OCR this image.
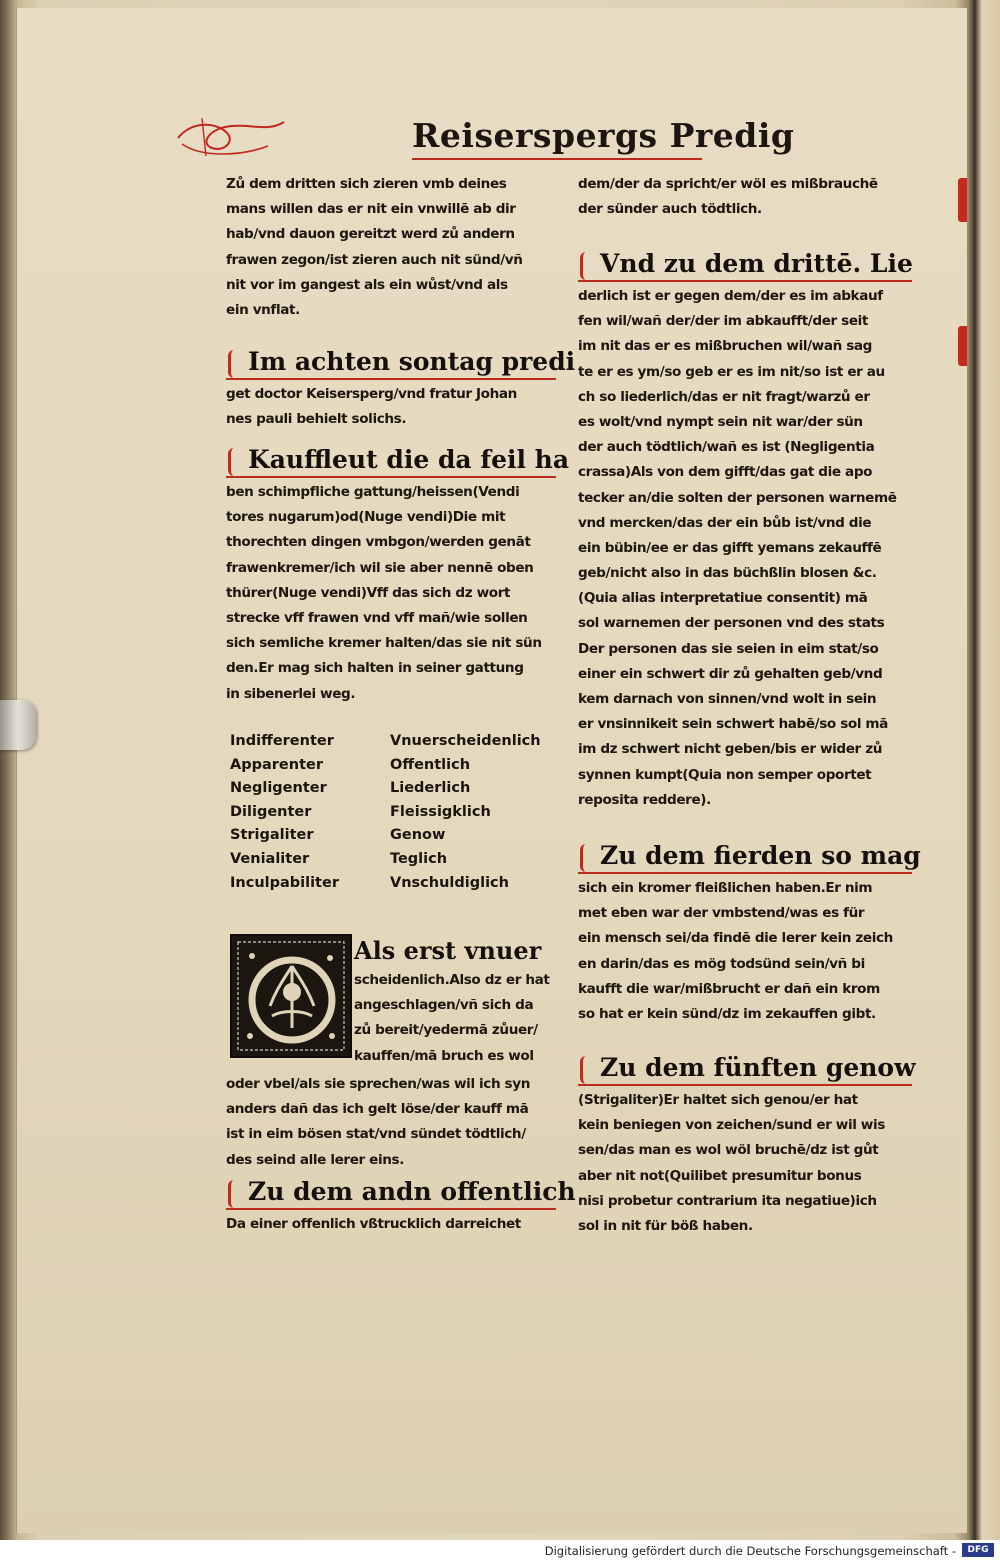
Reiserspergs Predig
Zů dem dritten sich zieren vmb deines
mans willen das er nit ein vnwillē ab dir
hab/vnd dauon gereitzt werd zů andern
frawen zegon/ist zieren auch nit sünd/vñ
nit vor im gangest als ein wůst/vnd als
ein vnflat.
Im achten sontag predi
get doctor Keisersperg/vnd fratur Johan
nes pauli behielt solichs.
Kauffleut die da feil ha
ben schimpfliche gattung/heissen(Vendi
tores nugarum)od(Nuge vendi)Die mit
thorechten dingen vmbgon/werden genāt
frawenkremer/ich wil sie aber nennē oben
thürer(Nuge vendi)Vff das sich dz wort
strecke vff frawen vnd vff mañ/wie sollen
sich semliche kremer halten/das sie nit sün
den.Er mag sich halten in seiner gattung
in sibenerlei weg.
Indifferenter	Vnuerscheidenlich
Apparenter	Offentlich
Negligenter	Liederlich
Diligenter	Fleissigklich
Strigaliter	Genow
Venialiter	Teglich
Inculpabiliter	Vnschuldiglich
Als erst vnuer
scheidenlich.Also dz er hat
angeschlagen/vñ sich da
zů bereit/yedermā zůuer/
kauffen/mā bruch es wol
oder vbel/als sie sprechen/was wil ich syn
anders dañ das ich gelt löse/der kauff mā
ist in eim bösen stat/vnd sündet tödtlich/
des seind alle lerer eins.
Zu dem andn offentlich
Da einer offenlich vßtrucklich darreichet
dem/der da spricht/er wöl es mißbrauchē
der sünder auch tödtlich.
Vnd zu dem drittē. Lie
derlich ist er gegen dem/der es im abkauf
fen wil/wañ der/der im abkaufft/der seit
im nit das er es mißbruchen wil/wañ sag
te er es ym/so geb er es im nit/so ist er au
ch so liederlich/das er nit fragt/warzů er
es wolt/vnd nympt sein nit war/der sün
der auch tödtlich/wañ es ist (Negligentia
crassa)Als von dem gifft/das gat die apo
tecker an/die solten der personen warnemē
vnd mercken/das der ein bůb ist/vnd die
ein bübin/ee er das gifft yemans zekauffē
geb/nicht also in das büchßlin blosen &c.
(Quia alias interpretatiue consentit) mā
sol warnemen der personen vnd des stats
Der personen das sie seien in eim stat/so
einer ein schwert dir zů gehalten geb/vnd
kem darnach von sinnen/vnd wolt in sein
er vnsinnikeit sein schwert habē/so sol mā
im dz schwert nicht geben/bis er wider zů
synnen kumpt(Quia non semper oportet
reposita reddere).
Zu dem fierden so mag
sich ein kromer fleißlichen haben.Er nim
met eben war der vmbstend/was es für
ein mensch sei/da findē die lerer kein zeich
en darin/das es mög todsünd sein/vñ bi
kaufft die war/mißbrucht er dañ ein krom
so hat er kein sünd/dz im zekauffen gibt.
Zu dem fünften genow
(Strigaliter)Er haltet sich genou/er hat
kein beniegen von zeichen/sund er wil wis
sen/das man es wol wöl bruchē/dz ist gůt
aber nit not(Quilibet presumitur bonus
nisi probetur contrarium ita negatiue)ich
sol in nit für böß haben.
Digitalisierung gefördert durch die Deutsche Forschungsgemeinschaft -	DFG
